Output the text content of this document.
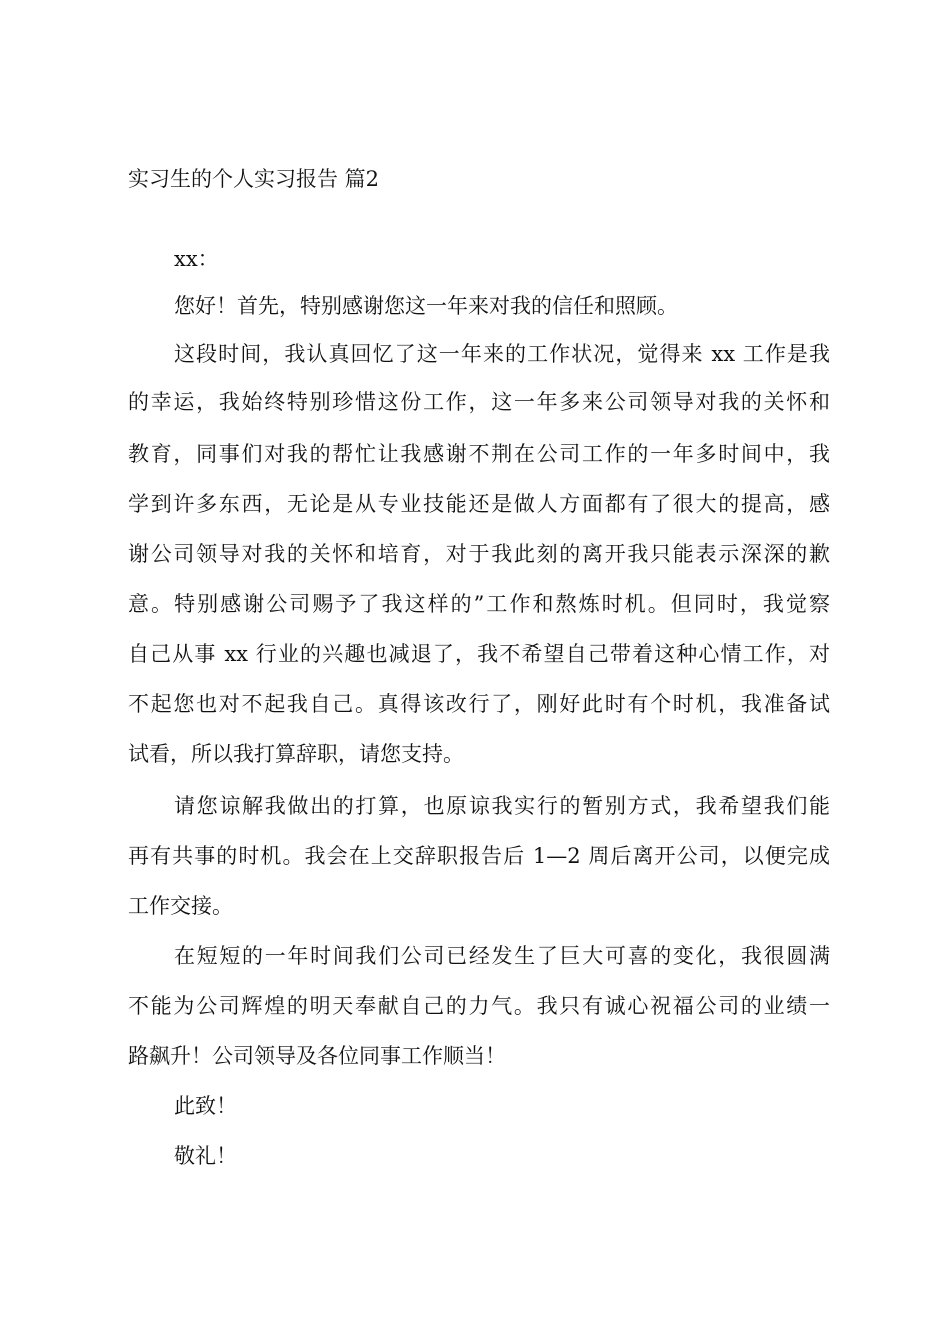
实习生的个人实习报告 篇2
xx：
您好！首先，特别感谢您这一年来对我的信任和照顾。
这段时间，我认真回忆了这一年来的工作状况，觉得来 xx 工作是我
的幸运，我始终特别珍惜这份工作，这一年多来公司领导对我的关怀和
教育，同事们对我的帮忙让我感谢不荆在公司工作的一年多时间中，我
学到许多东西，无论是从专业技能还是做人方面都有了很大的提高，感
谢公司领导对我的关怀和培育，对于我此刻的离开我只能表示深深的歉
意。特别感谢公司赐予了我这样的”工作和熬炼时机。但同时，我觉察
自己从事 xx 行业的兴趣也减退了，我不希望自己带着这种心情工作，对
不起您也对不起我自己。真得该改行了，刚好此时有个时机，我准备试
试看，所以我打算辞职，请您支持。
请您谅解我做出的打算，也原谅我实行的暂别方式，我希望我们能
再有共事的时机。我会在上交辞职报告后 1—2 周后离开公司，以便完成
工作交接。
在短短的一年时间我们公司已经发生了巨大可喜的变化，我很圆满
不能为公司辉煌的明天奉献自己的力气。我只有诚心祝福公司的业绩一
路飙升！公司领导及各位同事工作顺当！
此致！
敬礼！
